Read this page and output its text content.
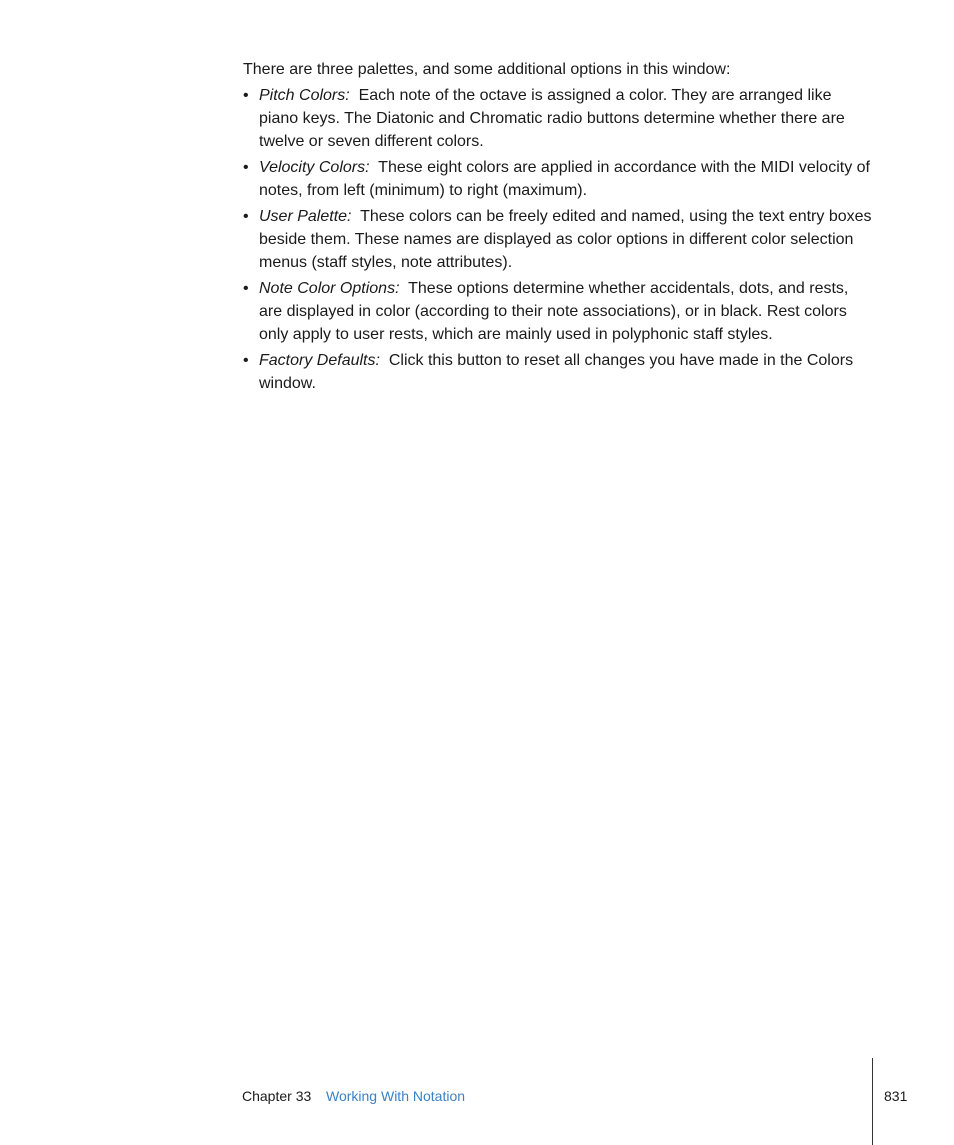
There are three palettes, and some additional options in this window:

• Pitch Colors: Each note of the octave is assigned a color. They are arranged like piano keys. The Diatonic and Chromatic radio buttons determine whether there are twelve or seven different colors.
• Velocity Colors: These eight colors are applied in accordance with the MIDI velocity of notes, from left (minimum) to right (maximum).
• User Palette: These colors can be freely edited and named, using the text entry boxes beside them. These names are displayed as color options in different color selection menus (staff styles, note attributes).
• Note Color Options: These options determine whether accidentals, dots, and rests, are displayed in color (according to their note associations), or in black. Rest colors only apply to user rests, which are mainly used in polyphonic staff styles.
• Factory Defaults: Click this button to reset all changes you have made in the Colors window.
Chapter 33 Working With Notation	831
